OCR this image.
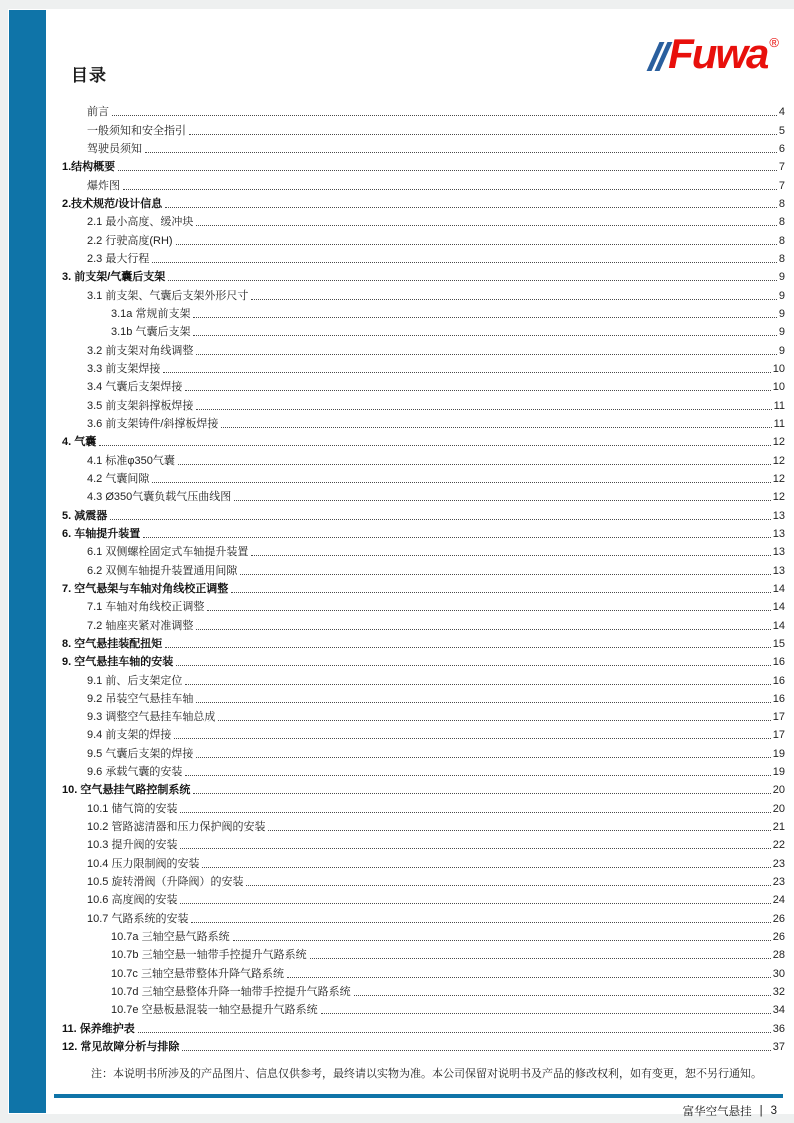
目录	Fuwa ®
前言	4
一般须知和安全指引	5
驾驶员须知	6
1.结构概要	7
爆炸图	7
2.技术规范/设计信息	8
2.1 最小高度、缓冲块	8
2.2 行驶高度(RH)	8
2.3 最大行程	8
3. 前支架/气囊后支架	9
3.1 前支架、气囊后支架外形尺寸	9
3.1a 常规前支架	9
3.1b 气囊后支架	9
3.2 前支架对角线调整	9
3.3 前支架焊接	10
3.4 气囊后支架焊接	10
3.5 前支架斜撑板焊接	11
3.6 前支架铸件/斜撑板焊接	11
4. 气囊	12
4.1 标准φ350气囊	12
4.2 气囊间隙	12
4.3 Ø350气囊负载气压曲线图	12
5. 减震器	13
6. 车轴提升装置	13
6.1 双侧螺栓固定式车轴提升装置	13
6.2 双侧车轴提升装置通用间隙	13
7. 空气悬架与车轴对角线校正调整	14
7.1 车轴对角线校正调整	14
7.2 轴座夹紧对准调整	14
8. 空气悬挂装配扭矩	15
9. 空气悬挂车轴的安装	16
9.1 前、后支架定位	16
9.2 吊装空气悬挂车轴	16
9.3 调整空气悬挂车轴总成	17
9.4 前支架的焊接	17
9.5 气囊后支架的焊接	19
9.6 承载气囊的安装	19
10. 空气悬挂气路控制系统	20
10.1 储气筒的安装	20
10.2 管路滤清器和压力保护阀的安装	21
10.3 提升阀的安装	22
10.4 压力限制阀的安装	23
10.5 旋转滑阀（升降阀）的安装	23
10.6 高度阀的安装	24
10.7 气路系统的安装	26
10.7a 三轴空悬气路系统	26
10.7b 三轴空悬一轴带手控提升气路系统	28
10.7c 三轴空悬带整体升降气路系统	30
10.7d 三轴空悬整体升降一轴带手控提升气路系统	32
10.7e 空悬板悬混装一轴空悬提升气路系统	34
11. 保养维护表	36
12. 常见故障分析与排除	37
注：本说明书所涉及的产品图片、信息仅供参考，最终请以实物为准。本公司保留对说明书及产品的修改权利，如有变更，恕不另行通知。
富华空气悬挂 | 3
